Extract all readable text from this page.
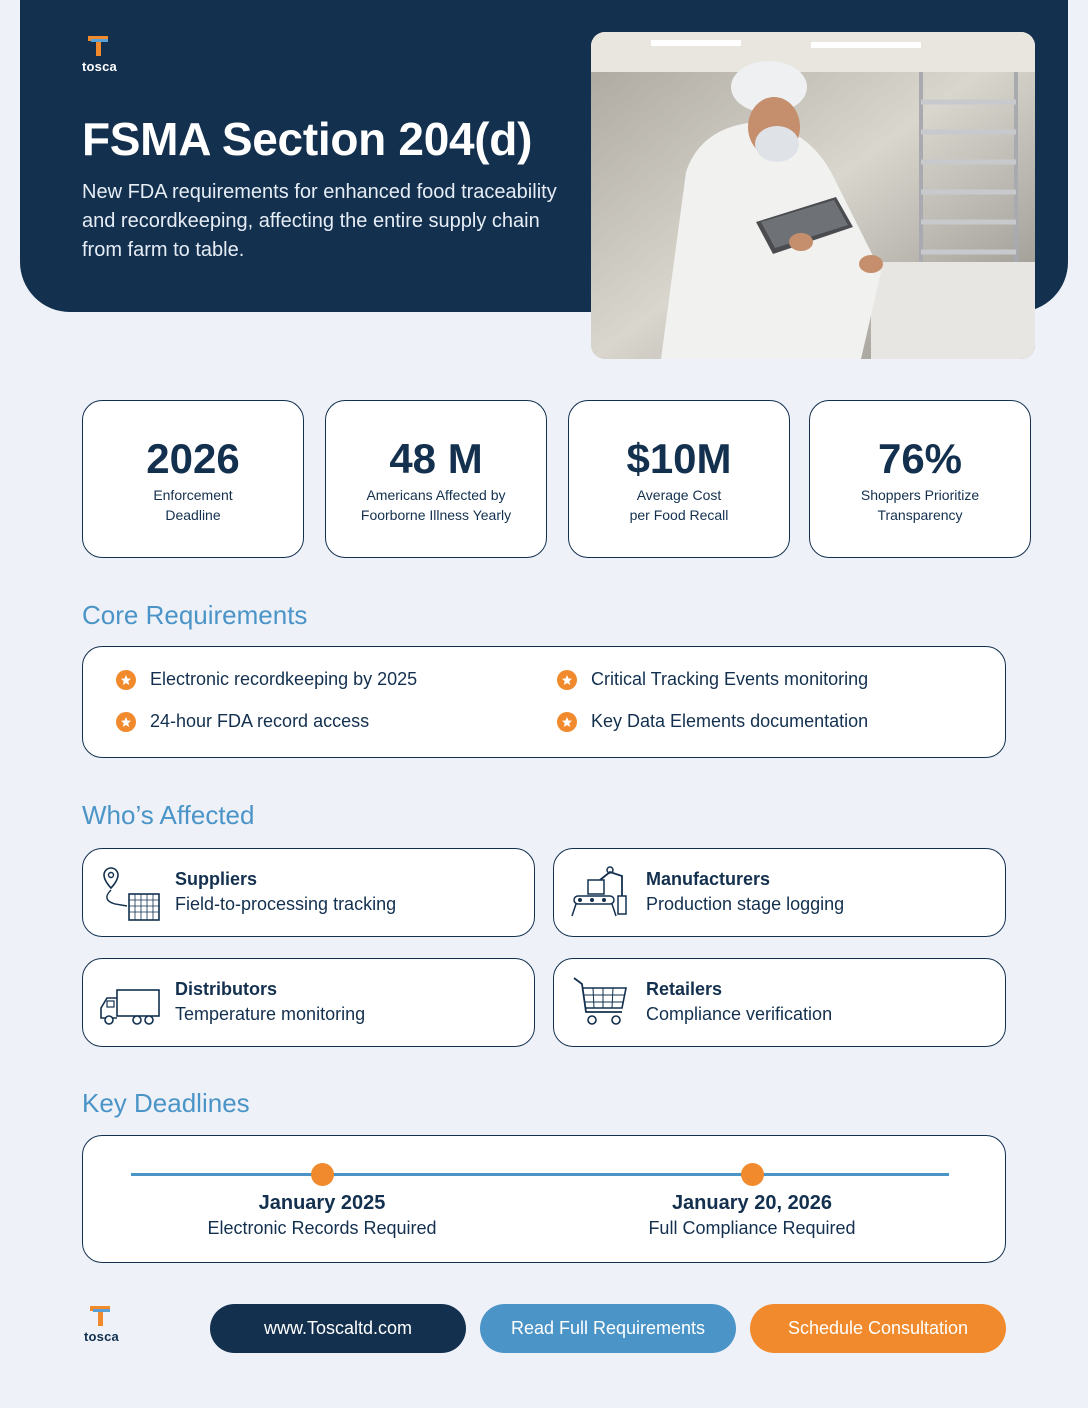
tosca
FSMA Section 204(d)
New FDA requirements for enhanced food traceability and recordkeeping, affecting the entire supply chain from farm to table.
2026
Enforcement
Deadline
48 M
Americans Affected by
Foorborne Illness Yearly
$10M
Average Cost
per Food Recall
76%
Shoppers Prioritize
Transparency
Core Requirements
Electronic recordkeeping by 2025	Critical Tracking Events monitoring
24-hour FDA record access	Key Data Elements documentation
Who’s Affected
Suppliers
Field-to-processing tracking
Manufacturers
Production stage logging
Distributors
Temperature monitoring
Retailers
Compliance verification
Key Deadlines
January 2025
Electronic Records Required
January 20, 2026
Full Compliance Required
tosca	www.Toscaltd.com	Read Full Requirements	Schedule Consultation
